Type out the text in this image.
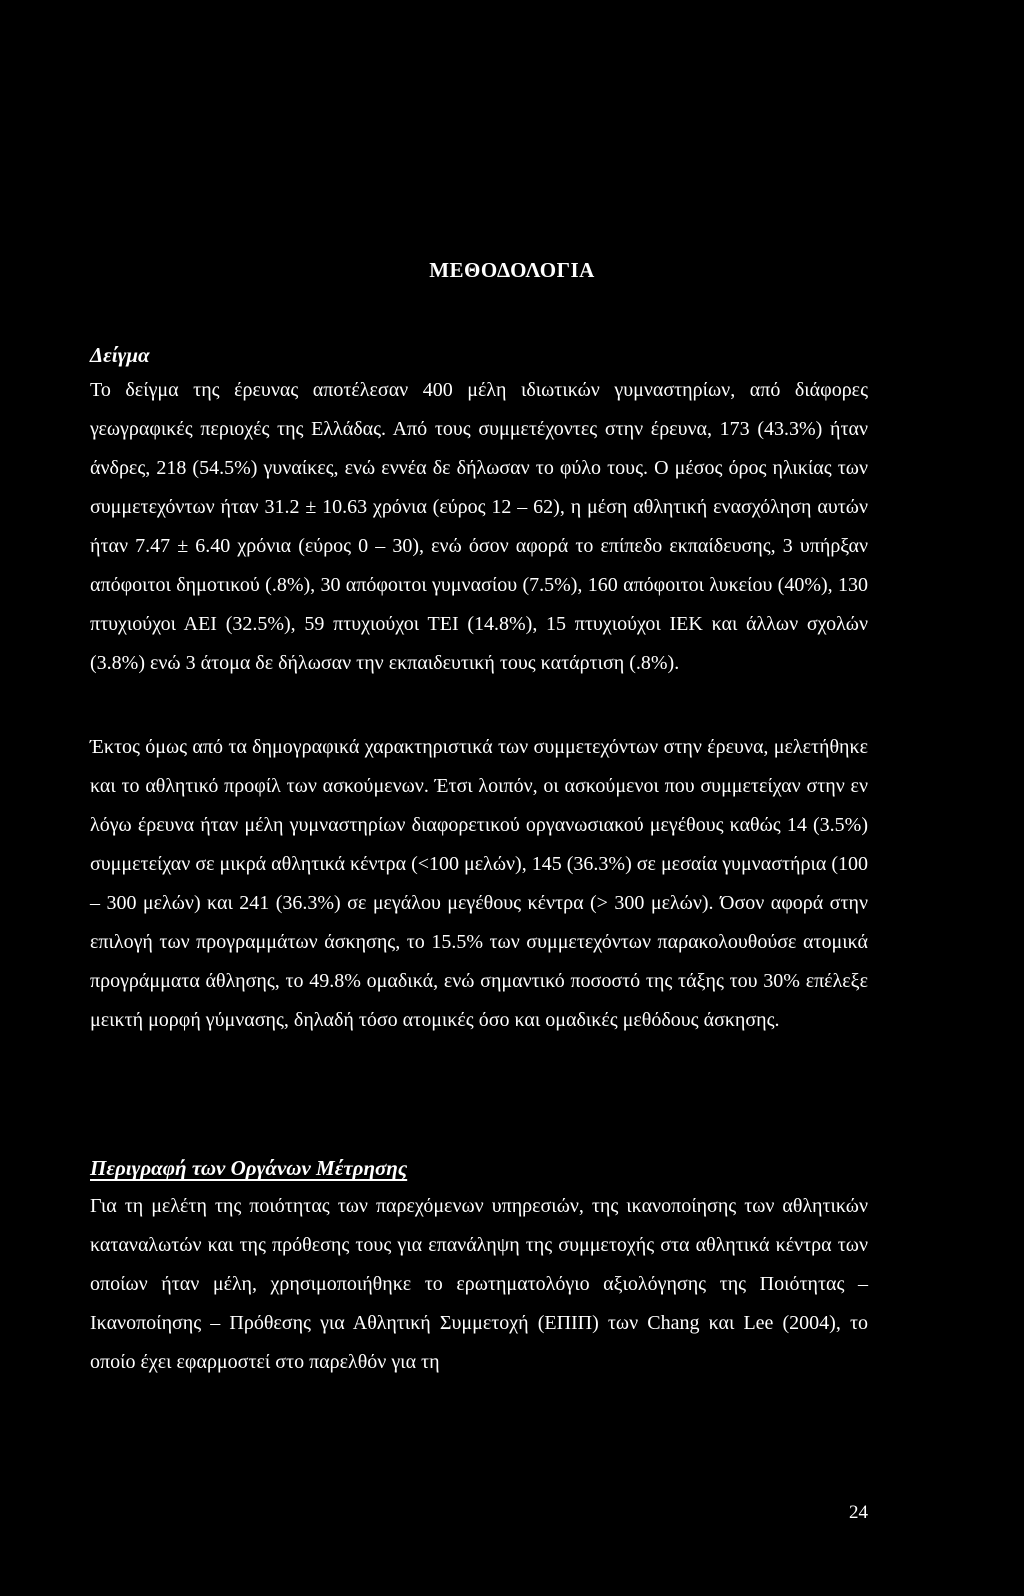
ΜΕΘΟΔΟΛΟΓΙΑ
Δείγμα

Το δείγμα της έρευνας αποτέλεσαν 400 μέλη ιδιωτικών γυμναστηρίων, από διάφορες γεωγραφικές περιοχές της Ελλάδας. Από τους συμμετέχοντες στην έρευνα, 173 (43.3%) ήταν άνδρες, 218 (54.5%) γυναίκες, ενώ εννέα δε δήλωσαν το φύλο τους. Ο μέσος όρος ηλικίας των συμμετεχόντων ήταν 31.2 ± 10.63 χρόνια (εύρος 12 – 62), η μέση αθλητική ενασχόληση αυτών ήταν 7.47 ± 6.40 χρόνια (εύρος 0 – 30), ενώ όσον αφορά το επίπεδο εκπαίδευσης, 3 υπήρξαν απόφοιτοι δημοτικού (.8%), 30 απόφοιτοι γυμνασίου (7.5%), 160 απόφοιτοι λυκείου (40%), 130 πτυχιούχοι ΑΕΙ (32.5%), 59 πτυχιούχοι ΤΕΙ (14.8%), 15 πτυχιούχοι ΙΕΚ και άλλων σχολών (3.8%) ενώ 3 άτομα δε δήλωσαν την εκπαιδευτική τους κατάρτιση (.8%).

Έκτος όμως από τα δημογραφικά χαρακτηριστικά των συμμετεχόντων στην έρευνα, μελετήθηκε και το αθλητικό προφίλ των ασκούμενων. Έτσι λοιπόν, οι ασκούμενοι που συμμετείχαν στην εν λόγω έρευνα ήταν μέλη γυμναστηρίων διαφορετικού οργανωσιακού μεγέθους καθώς 14 (3.5%) συμμετείχαν σε μικρά αθλητικά κέντρα (<100 μελών), 145 (36.3%) σε μεσαία γυμναστήρια (100 – 300 μελών) και 241 (36.3%) σε μεγάλου μεγέθους κέντρα (> 300 μελών). Όσον αφορά στην επιλογή των προγραμμάτων άσκησης, το 15.5% των συμμετεχόντων παρακολουθούσε ατομικά προγράμματα άθλησης, το 49.8% ομαδικά, ενώ σημαντικό ποσοστό της τάξης του 30% επέλεξε μεικτή μορφή γύμνασης, δηλαδή τόσο ατομικές όσο και ομαδικές μεθόδους άσκησης.

Περιγραφή των Οργάνων Μέτρησης

Για τη μελέτη της ποιότητας των παρεχόμενων υπηρεσιών, της ικανοποίησης των αθλητικών καταναλωτών και της πρόθεσης τους για επανάληψη της συμμετοχής στα αθλητικά κέντρα των οποίων ήταν μέλη, χρησιμοποιήθηκε το ερωτηματολόγιο αξιολόγησης της Ποιότητας – Ικανοποίησης – Πρόθεσης για Αθλητική Συμμετοχή (ΕΠΙΠ) των Chang και Lee (2004), το οποίο έχει εφαρμοστεί στο παρελθόν για τη

24
